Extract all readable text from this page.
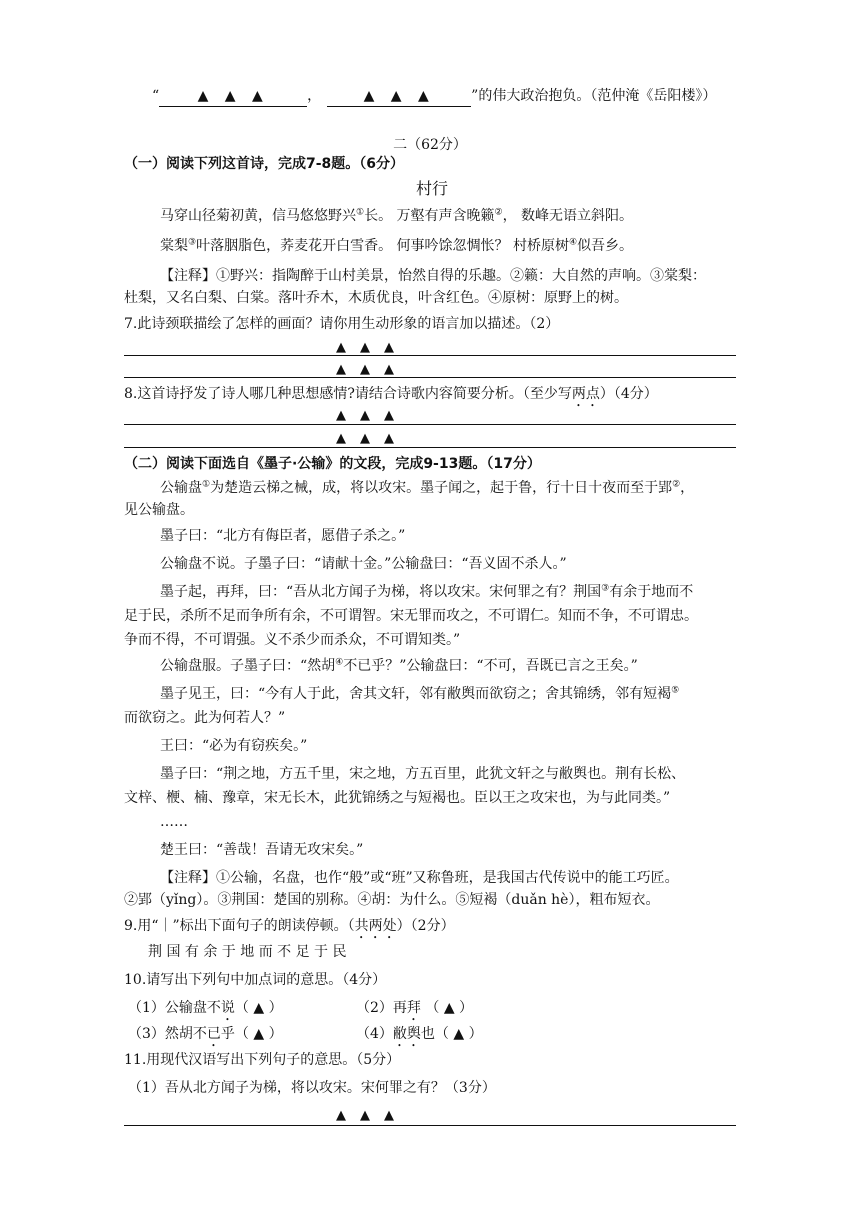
“	▲ ▲ ▲	，	▲ ▲ ▲	”的伟大政治抱负。（范仲淹《岳阳楼》）
二（62分）
（一）阅读下列这首诗，完成7-8题。（6分）
村行
马穿山径菊初黄，信马悠悠野兴①长。 万壑有声含晚籁②， 数峰无语立斜阳。
棠梨③叶落胭脂色，荞麦花开白雪香。 何事吟馀忽惆怅？ 村桥原树④似吾乡。
【注释】①野兴：指陶醉于山村美景，怡然自得的乐趣。②籁：大自然的声响。③棠梨：
杜梨，又名白梨、白棠。落叶乔木，木质优良，叶含红色。④原树：原野上的树。
7.此诗颈联描绘了怎样的画面？请你用生动形象的语言加以描述。（2）
▲▲▲
▲▲▲
8.这首诗抒发了诗人哪几种思想感情?请结合诗歌内容简要分析。（至少写两点）（4分）
▲▲▲
▲▲▲
（二）阅读下面选自《墨子·公输》的文段，完成9-13题。（17分）
公输盘①为楚造云梯之械，成，将以攻宋。墨子闻之，起于鲁，行十日十夜而至于郢②，
见公输盘。
墨子曰：“北方有侮臣者，愿借子杀之。”
公输盘不说。子墨子曰：“请献十金。”公输盘曰：“吾义固不杀人。”
墨子起，再拜，曰：“吾从北方闻子为梯，将以攻宋。宋何罪之有？荆国③有余于地而不
足于民，杀所不足而争所有余，不可谓智。宋无罪而攻之，不可谓仁。知而不争，不可谓忠。
争而不得，不可谓强。义不杀少而杀众，不可谓知类。”
公输盘服。子墨子曰：“然胡④不已乎？”公输盘曰：“不可，吾既已言之王矣。”
墨子见王，曰：“今有人于此，舍其文轩，邻有敝舆而欲窃之；舍其锦绣，邻有短褐⑤
而欲窃之。此为何若人？”
王曰：“必为有窃疾矣。”
墨子曰：“荆之地，方五千里，宋之地，方五百里，此犹文轩之与敝舆也。荆有长松、
文梓、楩、楠、豫章，宋无长木，此犹锦绣之与短褐也。臣以王之攻宋也，为与此同类。”
……
楚王曰：“善哉！吾请无攻宋矣。”
【注释】①公输，名盘，也作“般”或“班”又称鲁班，是我国古代传说中的能工巧匠。
②郢（yǐng）。③荆国：楚国的别称。④胡：为什么。⑤短褐（duǎn hè），粗布短衣。
9.用“｜”标出下面句子的朗读停顿。（共两处）（2分）
荆 国 有 余 于 地 而 不 足 于 民
10.请写出下列句中加点词的意思。（4分）
（1）公输盘不说（ ▲ ）	（2）再拜 （ ▲ ）
（3）然胡不已乎（ ▲ ）	（4）敝舆也（ ▲ ）
11.用现代汉语写出下列句子的意思。（5分）
（1）吾从北方闻子为梯，将以攻宋。宋何罪之有？（3分）
▲▲▲
